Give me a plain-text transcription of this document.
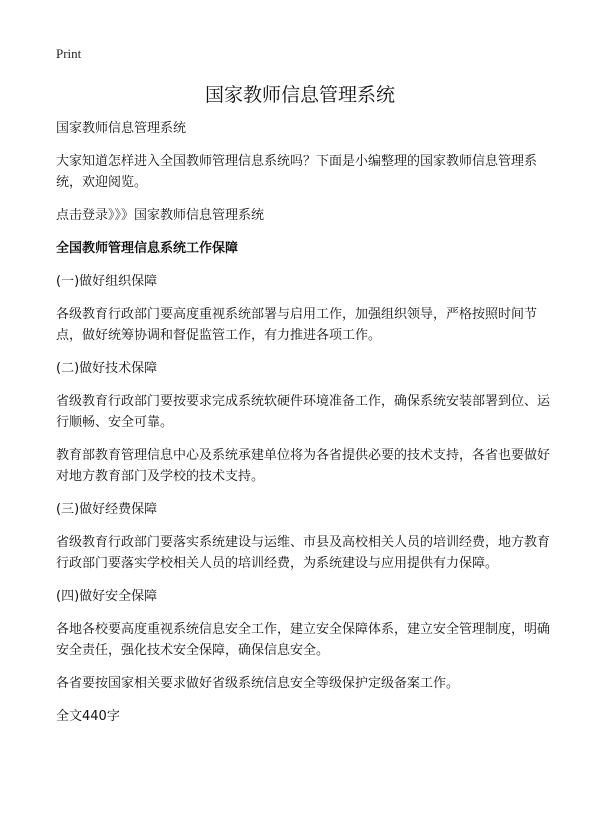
Print
国家教师信息管理系统

国家教师信息管理系统

大家知道怎样进入全国教师管理信息系统吗？下面是小编整理的国家教师信息管理系统，欢迎阅览。

点击登录》》》国家教师信息管理系统

全国教师管理信息系统工作保障

(一)做好组织保障

各级教育行政部门要高度重视系统部署与启用工作，加强组织领导，严格按照时间节点，做好统筹协调和督促监管工作，有力推进各项工作。

(二)做好技术保障

省级教育行政部门要按要求完成系统软硬件环境准备工作，确保系统安装部署到位、运行顺畅、安全可靠。

教育部教育管理信息中心及系统承建单位将为各省提供必要的技术支持，各省也要做好对地方教育部门及学校的技术支持。

(三)做好经费保障

省级教育行政部门要落实系统建设与运维、市县及高校相关人员的培训经费，地方教育行政部门要落实学校相关人员的培训经费，为系统建设与应用提供有力保障。

(四)做好安全保障

各地各校要高度重视系统信息安全工作，建立安全保障体系，建立安全管理制度，明确安全责任，强化技术安全保障，确保信息安全。

各省要按国家相关要求做好省级系统信息安全等级保护定级备案工作。

全文440字
